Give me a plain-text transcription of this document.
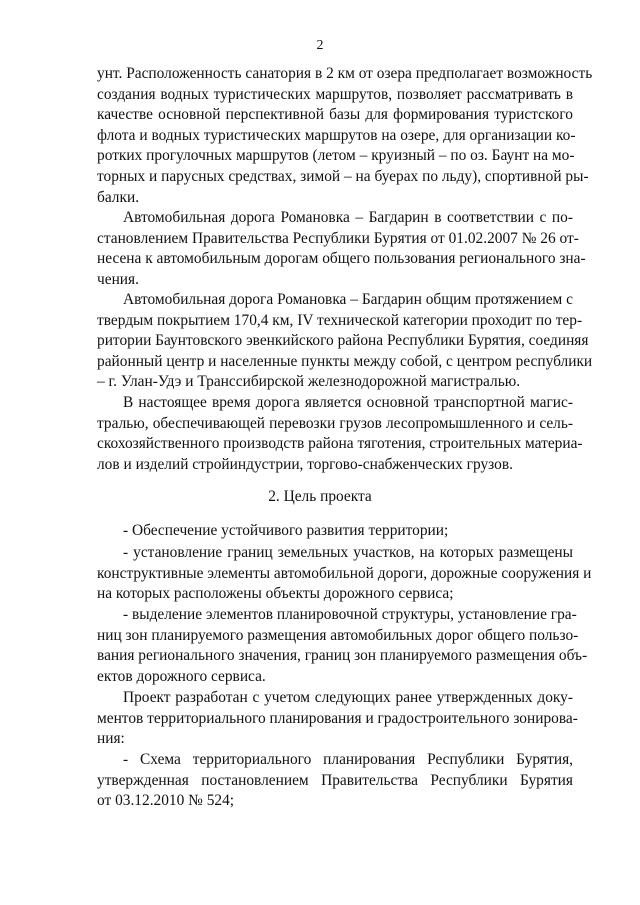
2
унт. Расположенность санатория в 2 км от озера предполагает возможность
создания водных туристических маршрутов, позволяет рассматривать в
качестве основной перспективной базы для формирования туристского
флота и водных туристических маршрутов на озере, для организации ко-
ротких прогулочных маршрутов (летом – круизный – по оз. Баунт на мо-
торных и парусных средствах, зимой – на буерах по льду), спортивной ры-
балки.
Автомобильная дорога Романовка – Багдарин в соответствии с по-
становлением Правительства Республики Бурятия от 01.02.2007 № 26 от-
несена к автомобильным дорогам общего пользования регионального зна-
чения.
Автомобильная дорога Романовка – Багдарин общим протяжением с
твердым покрытием 170,4 км, IV технической категории проходит по тер-
ритории Баунтовского эвенкийского района Республики Бурятия, соединяя
районный центр и населенные пункты между собой, с центром республики
– г. Улан-Удэ и Транссибирской железнодорожной магистралью.
В настоящее время дорога является основной транспортной магис-
тралью, обеспечивающей перевозки грузов лесопромышленного и сель-
скохозяйственного производств района тяготения, строительных материа-
лов и изделий стройиндустрии, торгово-снабженческих грузов.
2. Цель проекта
- Обеспечение устойчивого развития территории;
- установление границ земельных участков, на которых размещены
конструктивные элементы автомобильной дороги, дорожные сооружения и
на которых расположены объекты дорожного сервиса;
- выделение элементов планировочной структуры, установление гра-
ниц зон планируемого размещения автомобильных дорог общего пользо-
вания регионального значения, границ зон планируемого размещения объ-
ектов дорожного сервиса.
Проект разработан с учетом следующих ранее утвержденных доку-
ментов территориального планирования и градостроительного зонирова-
ния:
- Схема территориального планирования Республики Бурятия,
утвержденная постановлением Правительства Республики Бурятия
от 03.12.2010 № 524;
